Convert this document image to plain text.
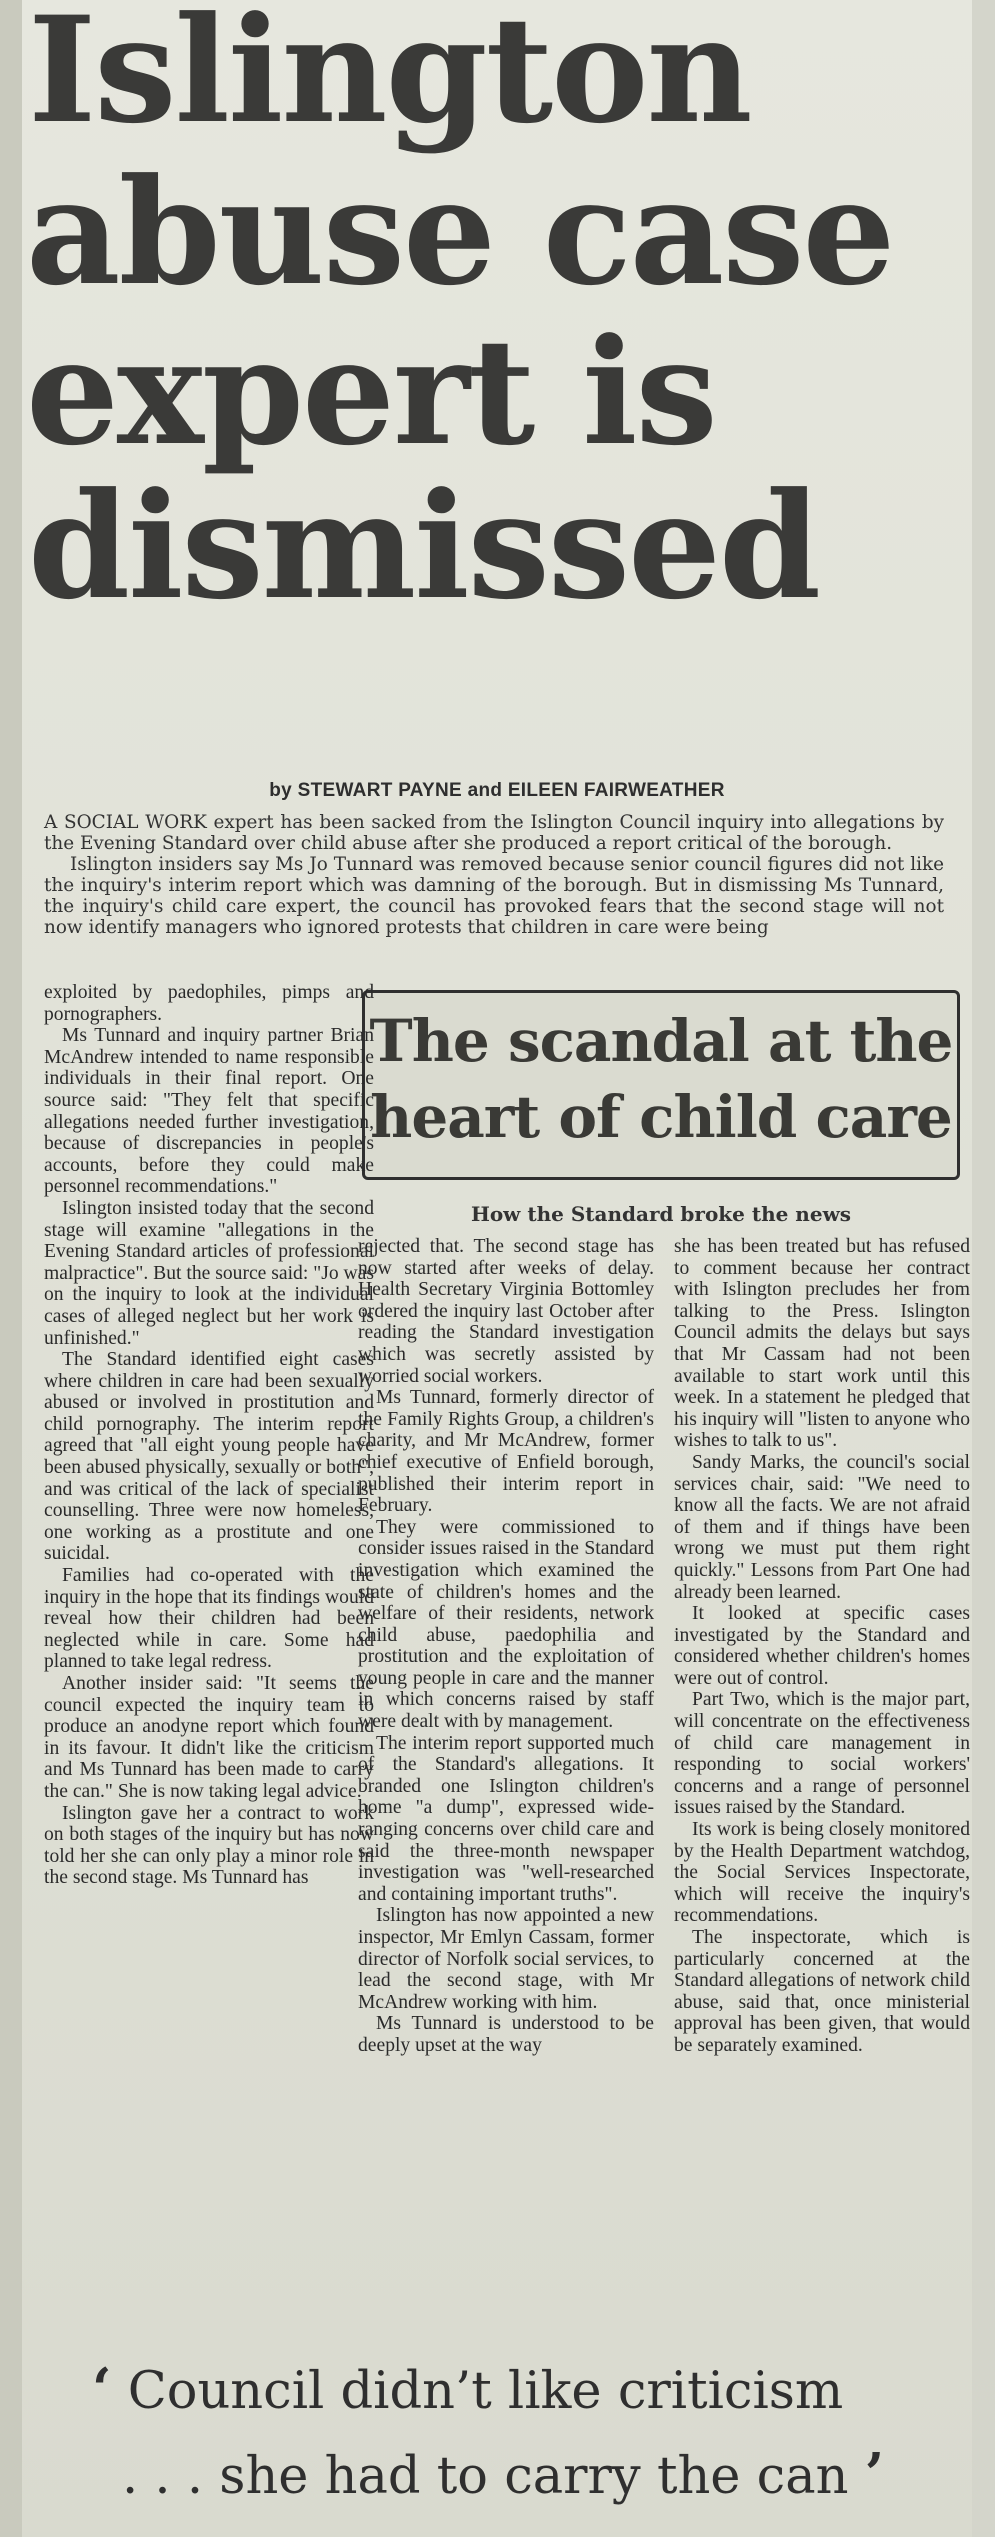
Islington
abuse case
expert is
dismissed
by STEWART PAYNE and EILEEN FAIRWEATHER

A SOCIAL WORK expert has been sacked from the Islington Council inquiry into allegations by the Evening Standard over child abuse after she produced a report critical of the borough.

Islington insiders say Ms Jo Tunnard was removed because senior council figures did not like the inquiry's interim report which was damning of the borough. But in dismissing Ms Tunnard, the inquiry's child care expert, the council has provoked fears that the second stage will not now identify managers who ignored protests that children in care were being

The scandal at the
heart of child care
How the Standard broke the news

exploited by paedophiles, pimps and pornographers.

Ms Tunnard and inquiry partner Brian McAndrew intended to name responsible individuals in their final report. One source said: "They felt that specific allegations needed further investigation, because of discrepancies in people's accounts, before they could make personnel recommendations."

Islington insisted today that the second stage will examine "allegations in the Evening Standard articles of professional malpractice". But the source said: "Jo was on the inquiry to look at the individual cases of alleged neglect but her work is unfinished."

The Standard identified eight cases where children in care had been sexually abused or involved in prostitution and child pornography. The interim report agreed that "all eight young people have been abused physically, sexually or both", and was critical of the lack of specialist counselling. Three were now homeless, one working as a prostitute and one suicidal.

Families had co-operated with the inquiry in the hope that its findings would reveal how their children had been neglected while in care. Some had planned to take legal redress.

Another insider said: "It seems the council expected the inquiry team to produce an anodyne report which found in its favour. It didn't like the criticism and Ms Tunnard has been made to carry the can." She is now taking legal advice.

Islington gave her a contract to work on both stages of the inquiry but has now told her she can only play a minor role in the second stage. Ms Tunnard has

rejected that. The second stage has now started after weeks of delay. Health Secretary Virginia Bottomley ordered the inquiry last October after reading the Standard investigation which was secretly assisted by worried social workers.

Ms Tunnard, formerly director of the Family Rights Group, a children's charity, and Mr McAndrew, former chief executive of Enfield borough, published their interim report in February.

They were commissioned to consider issues raised in the Standard investigation which examined the state of children's homes and the welfare of their residents, network child abuse, paedophilia and prostitution and the exploitation of young people in care and the manner in which concerns raised by staff were dealt with by management.

The interim report supported much of the Standard's allegations. It branded one Islington children's home "a dump", expressed wide-ranging concerns over child care and said the three-month newspaper investigation was "well-researched and containing important truths".

Islington has now appointed a new inspector, Mr Emlyn Cassam, former director of Norfolk social services, to lead the second stage, with Mr McAndrew working with him.

Ms Tunnard is understood to be deeply upset at the way

she has been treated but has refused to comment because her contract with Islington precludes her from talking to the Press. Islington Council admits the delays but says that Mr Cassam had not been available to start work until this week. In a statement he pledged that his inquiry will "listen to anyone who wishes to talk to us".

Sandy Marks, the council's social services chair, said: "We need to know all the facts. We are not afraid of them and if things have been wrong we must put them right quickly." Lessons from Part One had already been learned.

It looked at specific cases investigated by the Standard and considered whether children's homes were out of control.

Part Two, which is the major part, will concentrate on the effectiveness of child care management in responding to social workers' concerns and a range of personnel issues raised by the Standard.

Its work is being closely monitored by the Health Department watchdog, the Social Services Inspectorate, which will receive the inquiry's recommendations.

The inspectorate, which is particularly concerned at the Standard allegations of network child abuse, said that, once ministerial approval has been given, that would be separately examined.

‘ Council didn’t like criticism
. . . she had to carry the can ’
